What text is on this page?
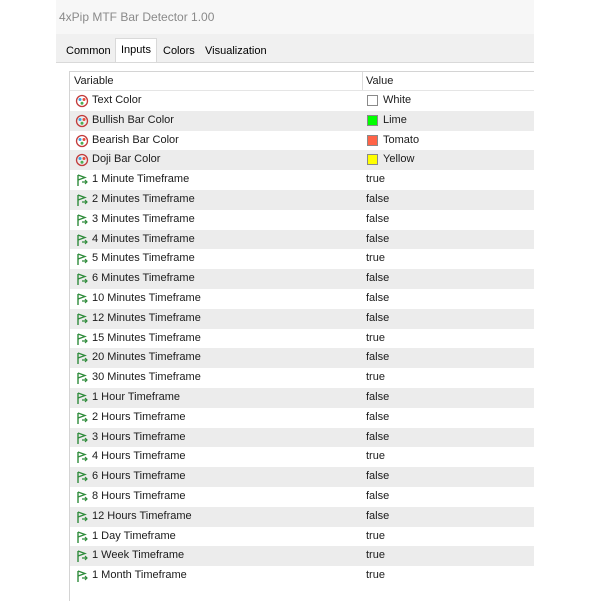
4xPip MTF Bar Detector 1.00
Common Inputs	Colors Visualization
Variable	Value
Text Color	White
Bullish Bar Color	Lime
Bearish Bar Color	Tomato
Doji Bar Color	Yellow
1 Minute Timeframe	true
2 Minutes Timeframe	false
3 Minutes Timeframe	false
4 Minutes Timeframe	false
5 Minutes Timeframe	true
6 Minutes Timeframe	false
10 Minutes Timeframe	false
12 Minutes Timeframe	false
15 Minutes Timeframe	true
20 Minutes Timeframe	false
30 Minutes Timeframe	true
1 Hour Timeframe	false
2 Hours Timeframe	false
3 Hours Timeframe	false
4 Hours Timeframe	true
6 Hours Timeframe	false
8 Hours Timeframe	false
12 Hours Timeframe	false
1 Day Timeframe	true
1 Week Timeframe	true
1 Month Timeframe	true
